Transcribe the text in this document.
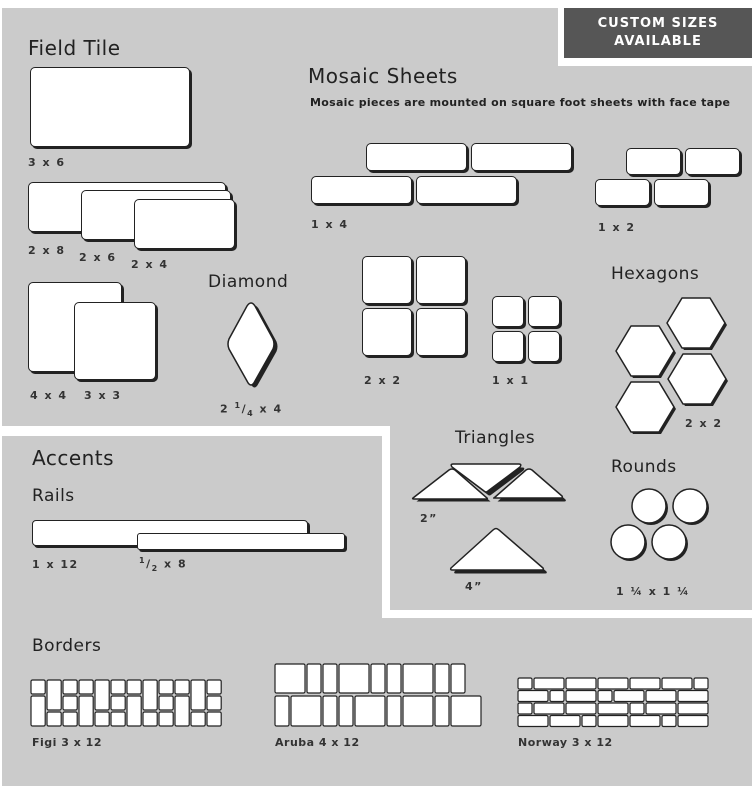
CUSTOM SIZES
AVAILABLE
Field Tile
3 x 6
2 x 8
2 x 6
2 x 4
4 x 4 3 x 3
Diamond
2 $^1/_4$ x 4
Mosaic Sheets
Mosaic pieces are mounted on square foot sheets with face tape
1 x 4	1 x 2
2 x 2	1 x 1
Hexagons
2 x 2
Triangles
2”
4”
Rounds
1 ¼ x 1 ¼
Accents
Rails
1 x 12	$^1/_2$ x 8
Borders
Figi 3 x 12	Aruba 4 x 12	Norway 3 x 12
